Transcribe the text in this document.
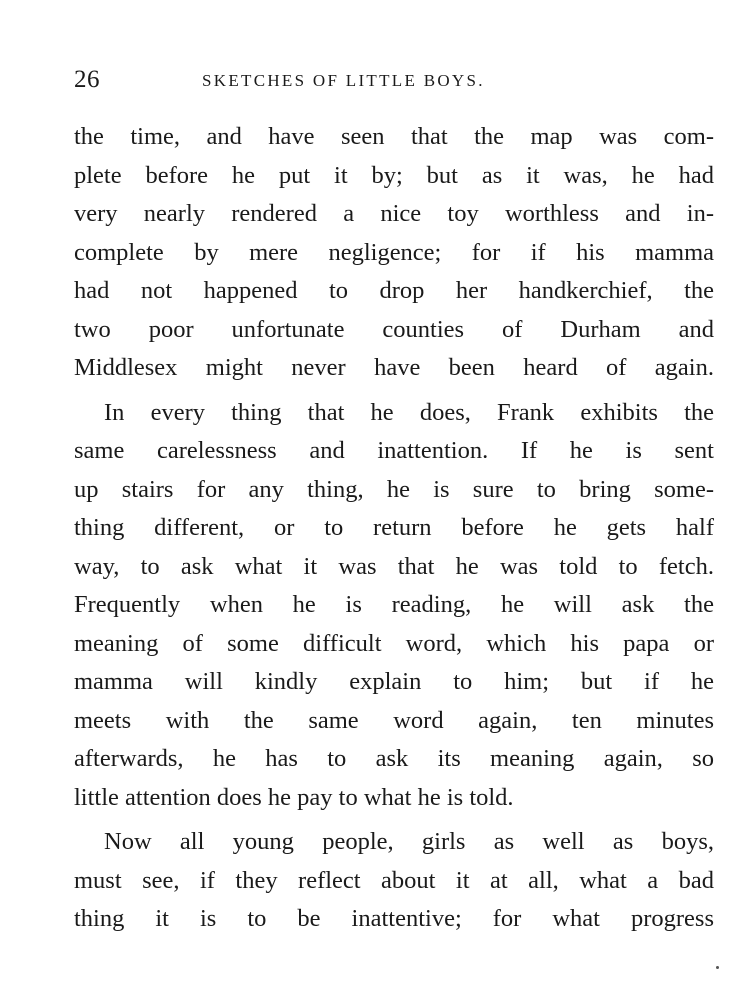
26	SKETCHES OF LITTLE BOYS.
the time, and have seen that the map was com-
plete before he put it by; but as it was, he had
very nearly rendered a nice toy worthless and in-
complete by mere negligence; for if his mamma
had not happened to drop her handkerchief, the
two poor unfortunate counties of Durham and
Middlesex might never have been heard of again.
In every thing that he does, Frank exhibits the
same carelessness and inattention. If he is sent
up stairs for any thing, he is sure to bring some-
thing different, or to return before he gets half
way, to ask what it was that he was told to fetch.
Frequently when he is reading, he will ask the
meaning of some difficult word, which his papa or
mamma will kindly explain to him; but if he
meets with the same word again, ten minutes
afterwards, he has to ask its meaning again, so
little attention does he pay to what he is told.
Now all young people, girls as well as boys,
must see, if they reflect about it at all, what a bad
thing it is to be inattentive; for what progress
